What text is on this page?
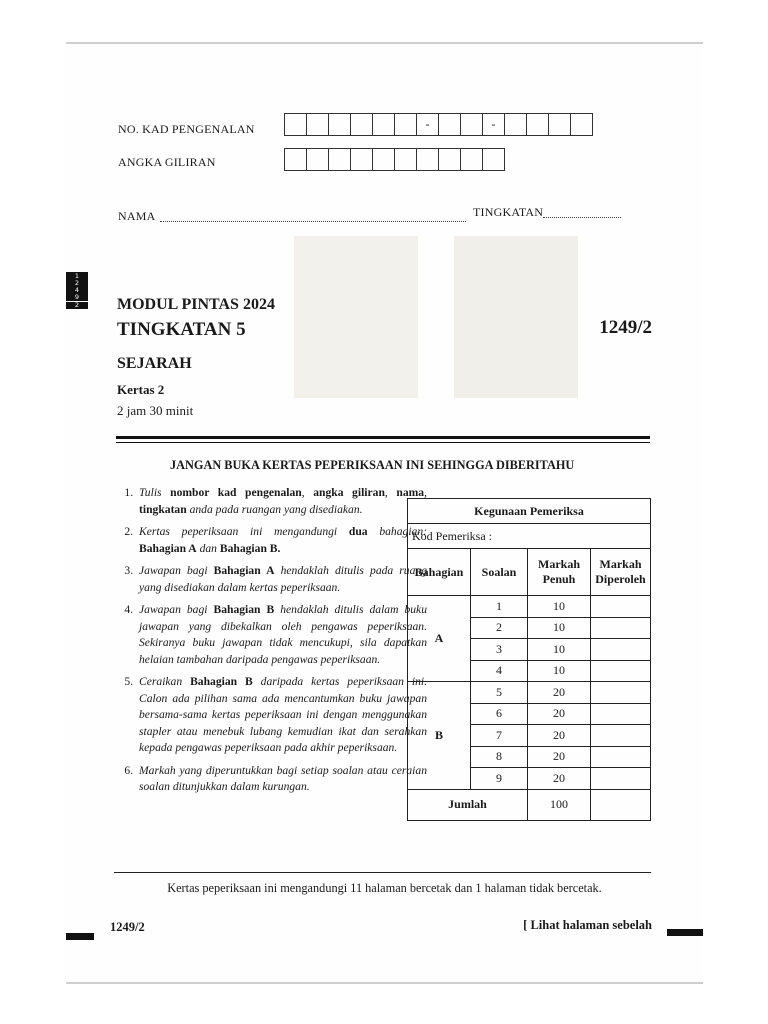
NO. KAD PENGENALAN	-	-
ANGKA GILIRAN
NAMA	TINGKATAN
1
2
4
9
2	MODUL PINTAS 2024
TINGKATAN 5	1249/2
SEJARAH
Kertas 2
2 jam 30 minit
JANGAN BUKA KERTAS PEPERIKSAAN INI SEHINGGA DIBERITAHU
1. Tulis nombor kad pengenalan, angka giliran, nama, tingkatan anda pada ruangan yang disediakan.
2. Kertas peperiksaan ini mengandungi dua bahagian: Bahagian A dan Bahagian B.
3. Jawapan bagi Bahagian A hendaklah ditulis pada ruang yang disediakan dalam kertas peperiksaan.
4. Jawapan bagi Bahagian B hendaklah ditulis dalam buku jawapan yang dibekalkan oleh pengawas peperiksaan. Sekiranya buku jawapan tidak mencukupi, sila dapatkan helaian tambahan daripada pengawas peperiksaan.
5. Ceraikan Bahagian B daripada kertas peperiksaan ini. Calon ada pilihan sama ada mencantumkan buku jawapan bersama-sama kertas peperiksaan ini dengan menggunakan stapler atau menebuk lubang kemudian ikat dan serahkan kepada pengawas peperiksaan pada akhir peperiksaan.
6. Markah yang diperuntukkan bagi setiap soalan atau ceraian soalan ditunjukkan dalam kurungan.
Kegunaan Pemeriksa			
Kod Pemeriksa :			
Bahagian	Soalan	Markah Penuh	Markah Diperoleh
A	1	10	
	2	10	
	3	10	
	4	10	
B	5	20	
	6	20	
	7	20	
	8	20	
	9	20	
Jumlah		100	
Kertas peperiksaan ini mengandungi 11 halaman bercetak dan 1 halaman tidak bercetak.
1249/2	[ Lihat halaman sebelah
